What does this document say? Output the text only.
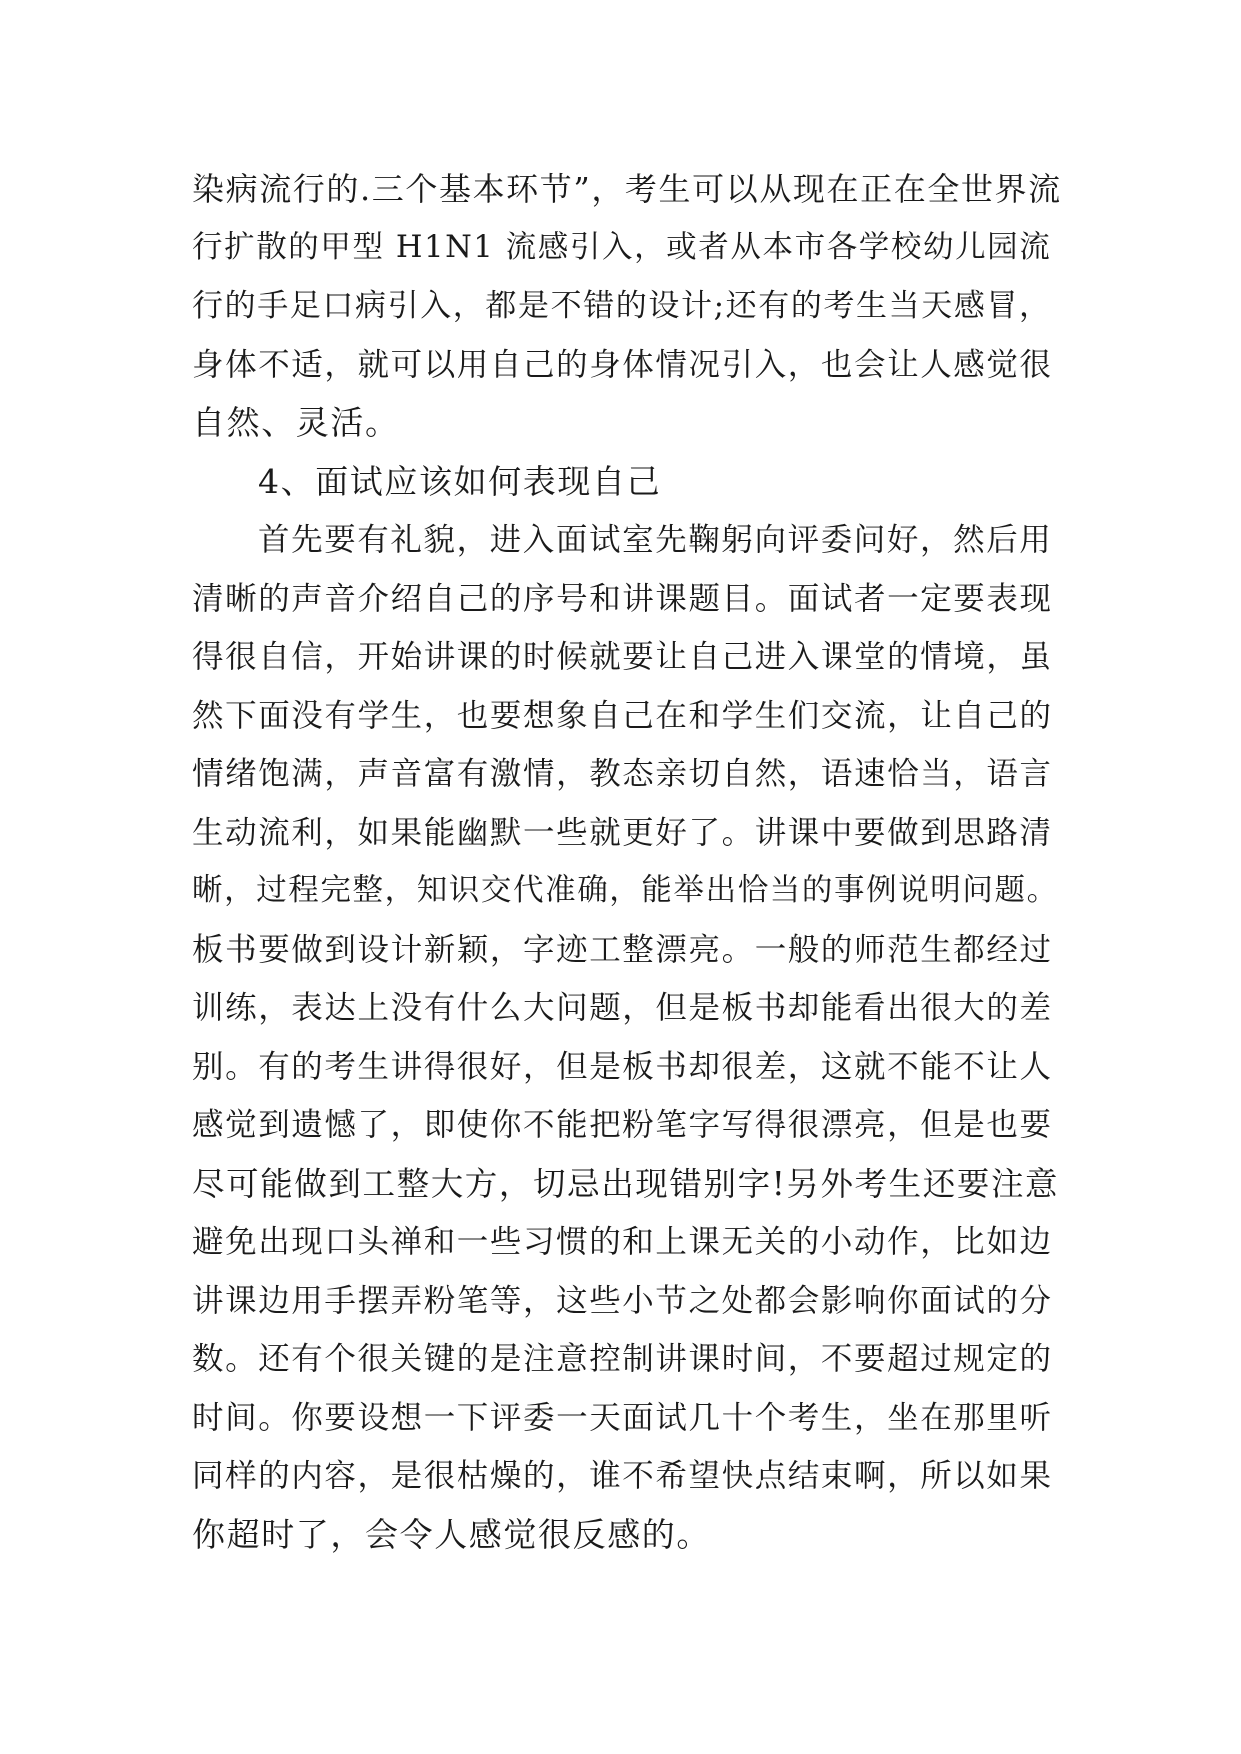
染病流行的.三个基本环节”，考生可以从现在正在全世界流
行扩散的甲型 H1N1 流感引入，或者从本市各学校幼儿园流
行的手足口病引入，都是不错的设计;还有的考生当天感冒，
身体不适，就可以用自己的身体情况引入，也会让人感觉很
自然、灵活。
4、面试应该如何表现自己
首先要有礼貌，进入面试室先鞠躬向评委问好，然后用
清晰的声音介绍自己的序号和讲课题目。面试者一定要表现
得很自信，开始讲课的时候就要让自己进入课堂的情境，虽
然下面没有学生，也要想象自己在和学生们交流，让自己的
情绪饱满，声音富有激情，教态亲切自然，语速恰当，语言
生动流利，如果能幽默一些就更好了。讲课中要做到思路清
晰，过程完整，知识交代准确，能举出恰当的事例说明问题。
板书要做到设计新颖，字迹工整漂亮。一般的师范生都经过
训练，表达上没有什么大问题，但是板书却能看出很大的差
别。有的考生讲得很好，但是板书却很差，这就不能不让人
感觉到遗憾了，即使你不能把粉笔字写得很漂亮，但是也要
尽可能做到工整大方，切忌出现错别字!另外考生还要注意
避免出现口头禅和一些习惯的和上课无关的小动作，比如边
讲课边用手摆弄粉笔等，这些小节之处都会影响你面试的分
数。还有个很关键的是注意控制讲课时间，不要超过规定的
时间。你要设想一下评委一天面试几十个考生，坐在那里听
同样的内容，是很枯燥的，谁不希望快点结束啊，所以如果
你超时了，会令人感觉很反感的。
